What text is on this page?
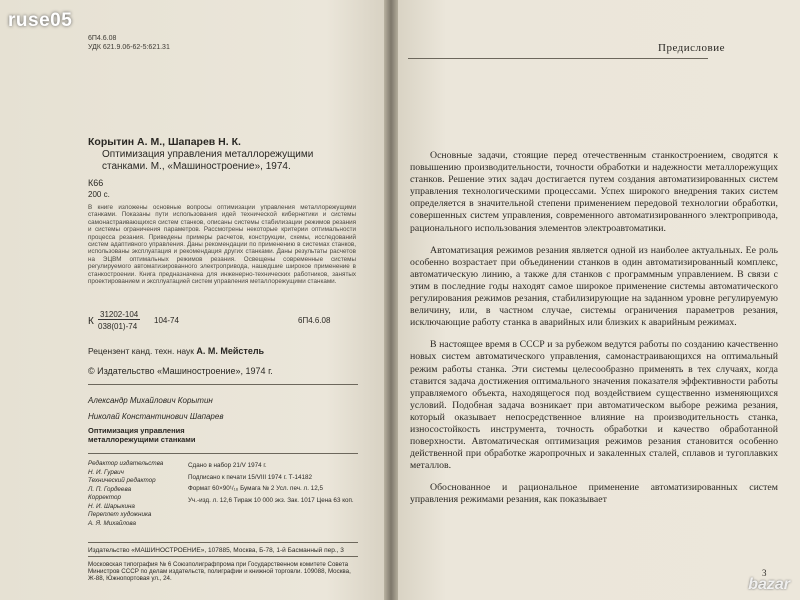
6П4.6.08
УДК 621.9.06-62-5:621.31
Корытин А. М., Шапарев Н. К.
Оптимизация управления металлорежущими станками. М., «Машиностроение», 1974.
К66
200 с.
В книге изложены основные вопросы оптимизации управления металлорежущими станками. Показаны пути использования идей технической кибернетики и системы самонастраивающихся систем станков, описаны системы стабилизации режимов резания и системы ограничения параметров. Рассмотрены некоторые критерии оптимальности процесса резания. Приведены примеры расчетов, конструкции, схемы, исследований систем адаптивного управления. Даны рекомендации по применению в системах станков, использованы эксплуатация и рекомендация других станками. Даны результаты расчетов на ЭЦВМ оптимальных режимов резания. Освещены современные системы регулируемого автоматизированного электропривода, нашедшие широкое применение в станкостроении. Книга предназначена для инженерно-технических работников, занятых проектированием и эксплуатацией систем управления металлорежущими станками.
К
31202-104
038(01)-74
104-74	6П4.6.08
Рецензент канд. техн. наук А. М. Мейстель
© Издательство «Машиностроение», 1974 г.
Александр Михайлович Корытин
Николай Константинович Шапарев
Оптимизация управления
металлорежущими станками
Редактор издательства
Н. И. Гурвич
Технический редактор
Л. П. Гордеева
Корректор
Н. И. Шарыкина
Переплет художника
А. Я. Михайлова
Сдано в набор 21/V 1974 г.
Подписано к печати 15/VIII 1974 г. Т-14182
Формат 60×90¹/₁₆ Бумага № 2 Усл. печ. л. 12,5
Уч.-изд. л. 12,6 Тираж 10 000 экз. Зак. 1017 Цена 63 коп.
Издательство «МАШИНОСТРОЕНИЕ», 107885, Москва, Б-78, 1-й Басманный пер., 3
Московская типография № 6 Союзполиграфпрома при Государственном комитете Совета Министров СССР по делам издательств, полиграфии и книжной торговли. 109088, Москва, Ж-88, Южнопортовая ул., 24.
Предисловие

Основные задачи, стоящие перед отечественным станкостроением, сводятся к повышению производительности, точности обработки и надежности металлорежущих станков. Решение этих задач достигается путем создания автоматизированных систем управления технологическими процессами. Успех широкого внедрения таких систем определяется в значительной степени применением передовой технологии обработки, совершенных систем управления, современного автоматизированного электропривода, рационального использования элементов электроавтоматики.

Автоматизация режимов резания является одной из наиболее актуальных. Ее роль особенно возрастает при объединении станков в один автоматизированный комплекс, автоматическую линию, а также для станков с программным управлением. В связи с этим в последние годы находят самое широкое применение системы автоматического регулирования режимов резания, стабилизирующие на заданном уровне регулируемую величину, или, в частном случае, системы ограничения параметров резания, исключающие работу станка в аварийных или близких к аварийным режимах.

В настоящее время в СССР и за рубежом ведутся работы по созданию качественно новых систем автоматического управления, самонастраивающихся на оптимальный режим работы станка. Эти системы целесообразно применять в тех случаях, когда ставится задача достижения оптимального значения показателя эффективности работы управляемого объекта, находящегося под воздействием существенно изменяющихся условий. Подобная задача возникает при автоматическом выборе режима резания, который оказывает непосредственное влияние на производительность станка, износостойкость инструмента, точность обработки и качество обработанной поверхности. Автоматическая оптимизация режимов резания становится особенно действенной при обработке жаропрочных и закаленных сталей, сплавов и тугоплавких металлов.

Обоснованное и рациональное применение автоматизированных систем управления режимами резания, как показывает

3
ruse05
bazar
